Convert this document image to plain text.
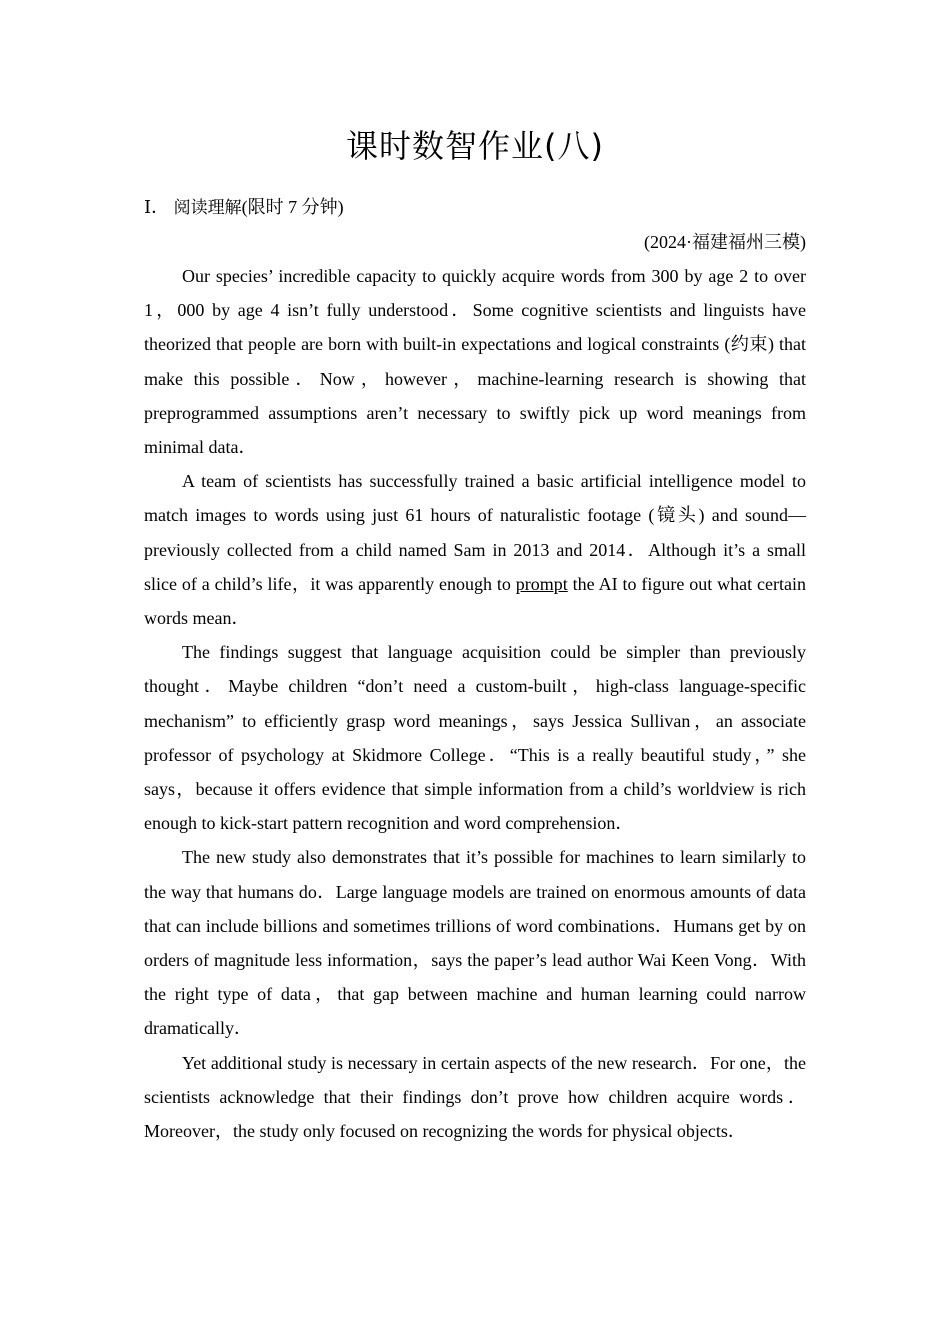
课时数智作业(八)
Ⅰ． 阅读理解(限时 7 分钟)
(2024·福建福州三模)

Our species’ incredible capacity to quickly acquire words from 300 by age 2 to over 1，000 by age 4 isn’t fully understood．Some cognitive scientists and linguists have theorized that people are born with built-in expectations and logical constraints (约束) that make this possible．Now，however，machine-learning research is showing that preprogrammed assumptions aren’t necessary to swiftly pick up word meanings from minimal data．

A team of scientists has successfully trained a basic artificial intelligence model to match images to words using just 61 hours of naturalistic footage (镜头) and sound—previously collected from a child named Sam in 2013 and 2014．Although it’s a small slice of a child’s life，it was apparently enough to prompt the AI to figure out what certain words mean．

The findings suggest that language acquisition could be simpler than previously thought．Maybe children “don’t need a custom-built，high-class language-specific mechanism” to efficiently grasp word meanings，says Jessica Sullivan，an associate professor of psychology at Skidmore College．“This is a really beautiful study，” she says，because it offers evidence that simple information from a child’s worldview is rich enough to kick-start pattern recognition and word comprehension．

The new study also demonstrates that it’s possible for machines to learn similarly to the way that humans do．Large language models are trained on enormous amounts of data that can include billions and sometimes trillions of word combinations．Humans get by on orders of magnitude less information，says the paper’s lead author Wai Keen Vong．With the right type of data，that gap between machine and human learning could narrow dramatically．

Yet additional study is necessary in certain aspects of the new research．For one，the scientists acknowledge that their findings don’t prove how children acquire words．Moreover，the study only focused on recognizing the words for physical objects．
